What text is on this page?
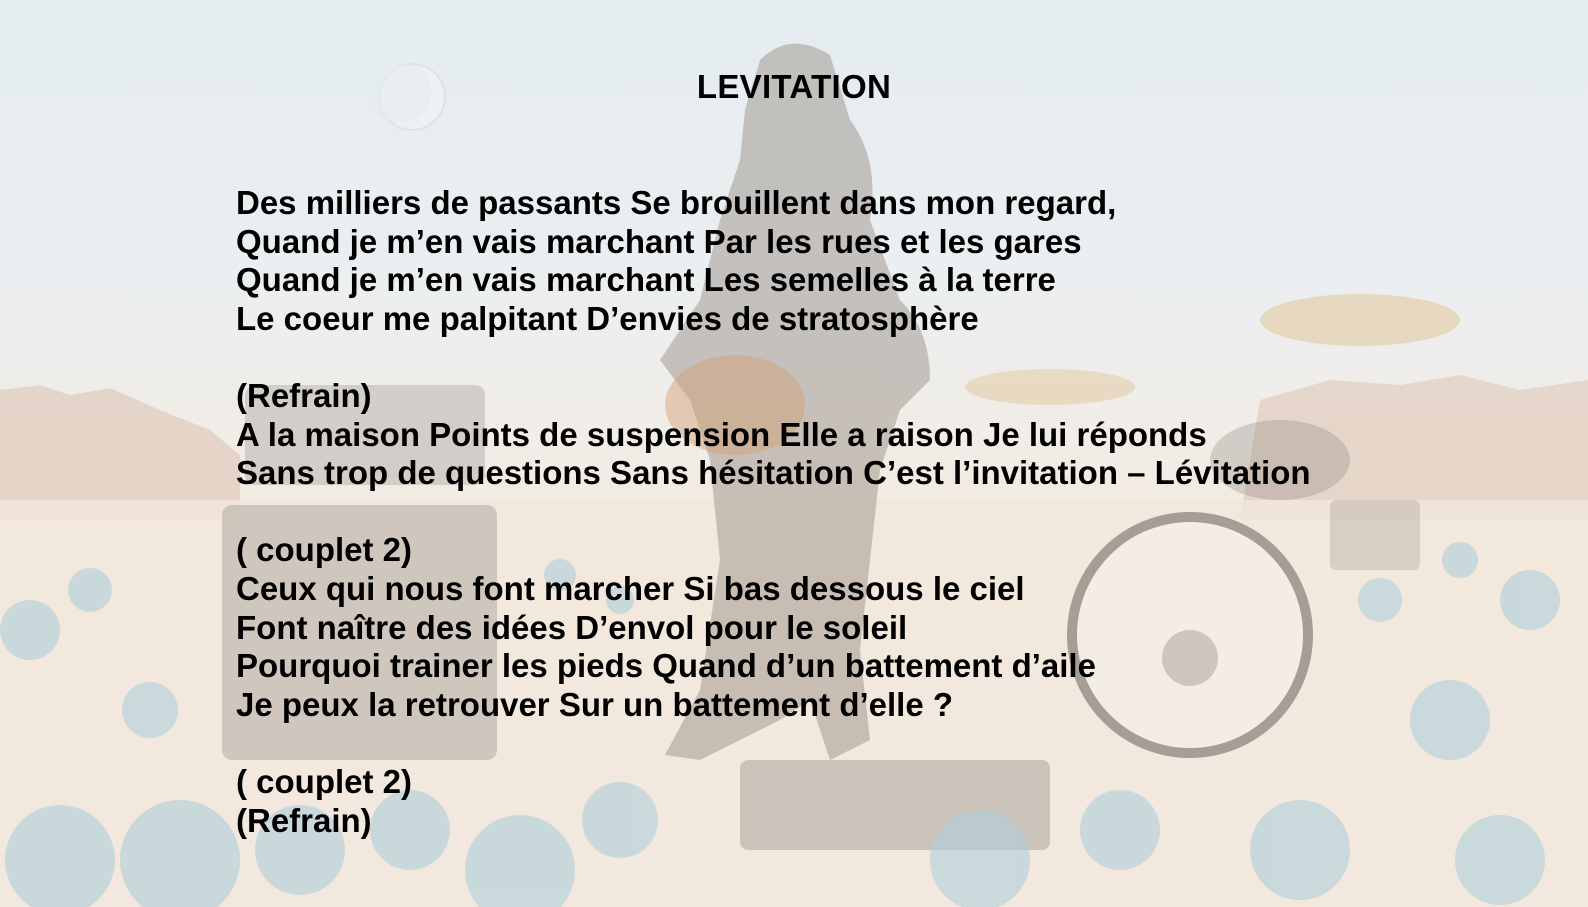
LEVITATION
Des milliers de passants Se brouillent dans mon regard,
Quand je m’en vais marchant Par les rues et les gares
Quand je m’en vais marchant Les semelles à la terre
Le coeur me palpitant D’envies de stratosphère
(Refrain)
A la maison Points de suspension Elle a raison Je lui réponds
Sans trop de questions Sans hésitation C’est l’invitation – Lévitation
( couplet 2)
Ceux qui nous font marcher Si bas dessous le ciel
Font naître des idées D’envol pour le soleil
Pourquoi trainer les pieds Quand d’un battement d’aile
Je peux la retrouver Sur un battement d’elle ?
( couplet 2)
(Refrain)
